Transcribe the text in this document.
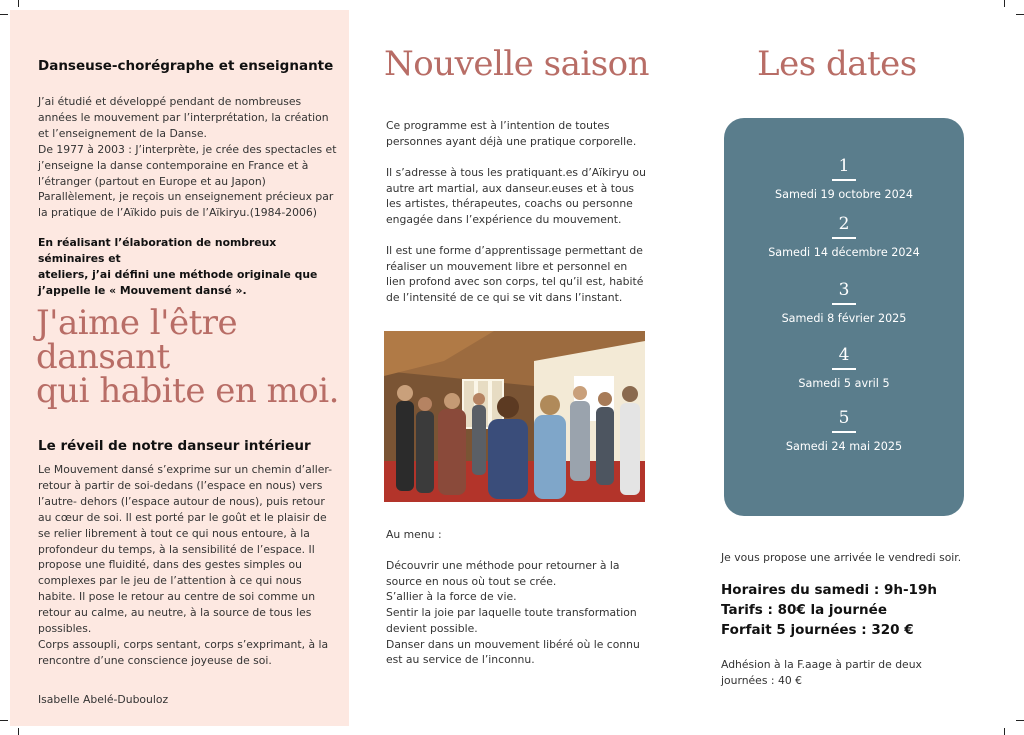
Danseuse-chorégraphe et enseignante

J’ai étudié et développé pendant de nombreuses

années le mouvement par l’interprétation, la création

et l’enseignement de la Danse.

De 1977 à 2003 : J’interprète, je crée des spectacles et

j’enseigne la danse contemporaine en France et à

l’étranger (partout en Europe et au Japon)

Parallèlement, je reçois un enseignement précieux par

la pratique de l’Aïkido puis de l’Aïkiryu.(1984-2006)

En réalisant l’élaboration de nombreux séminaires et

ateliers, j’ai défini une méthode originale que

j’appelle le « Mouvement dansé ».

J'aime l'être
dansant
qui habite en moi.
Le réveil de notre danseur intérieur

Le Mouvement dansé s’exprime sur un chemin d’aller-

retour à partir de soi-dedans (l’espace en nous) vers

l’autre- dehors (l’espace autour de nous), puis retour

au cœur de soi. Il est porté par le goût et le plaisir de

se relier librement à tout ce qui nous entoure, à la

profondeur du temps, à la sensibilité de l’espace. Il

propose une fluidité, dans des gestes simples ou

complexes par le jeu de l’attention à ce qui nous

habite. Il pose le retour au centre de soi comme un

retour au calme, au neutre, à la source de tous les

possibles.

Corps assoupli, corps sentant, corps s’exprimant, à la

rencontre d’une conscience joyeuse de soi.

Isabelle Abelé-Dubouloz
Nouvelle saison

Ce programme est à l’intention de toutes

personnes ayant déjà une pratique corporelle.

Il s’adresse à tous les pratiquant.es d’Aïkiryu ou

autre art martial, aux danseur.euses et à tous

les artistes, thérapeutes, coachs ou personne

engagée dans l’expérience du mouvement.

Il est une forme d’apprentissage permettant de

réaliser un mouvement libre et personnel en

lien profond avec son corps, tel qu’il est, habité

de l’intensité de ce qui se vit dans l’instant.

Au menu :

Découvrir une méthode pour retourner à la

source en nous où tout se crée.

S’allier à la force de vie.

Sentir la joie par laquelle toute transformation

devient possible.

Danser dans un mouvement libéré où le connu

est au service de l’inconnu.

Les dates
1
Samedi 19 octobre 2024
2
Samedi 14 décembre 2024
3
Samedi 8 février 2025
4
Samedi 5 avril 5
5
Samedi 24 mai 2025
Je vous propose une arrivée le vendredi soir.
Horaires du samedi : 9h-19h
Tarifs : 80€ la journée
Forfait 5 journées : 320 €

Adhésion à la F.aage à partir de deux

journées : 40 €
